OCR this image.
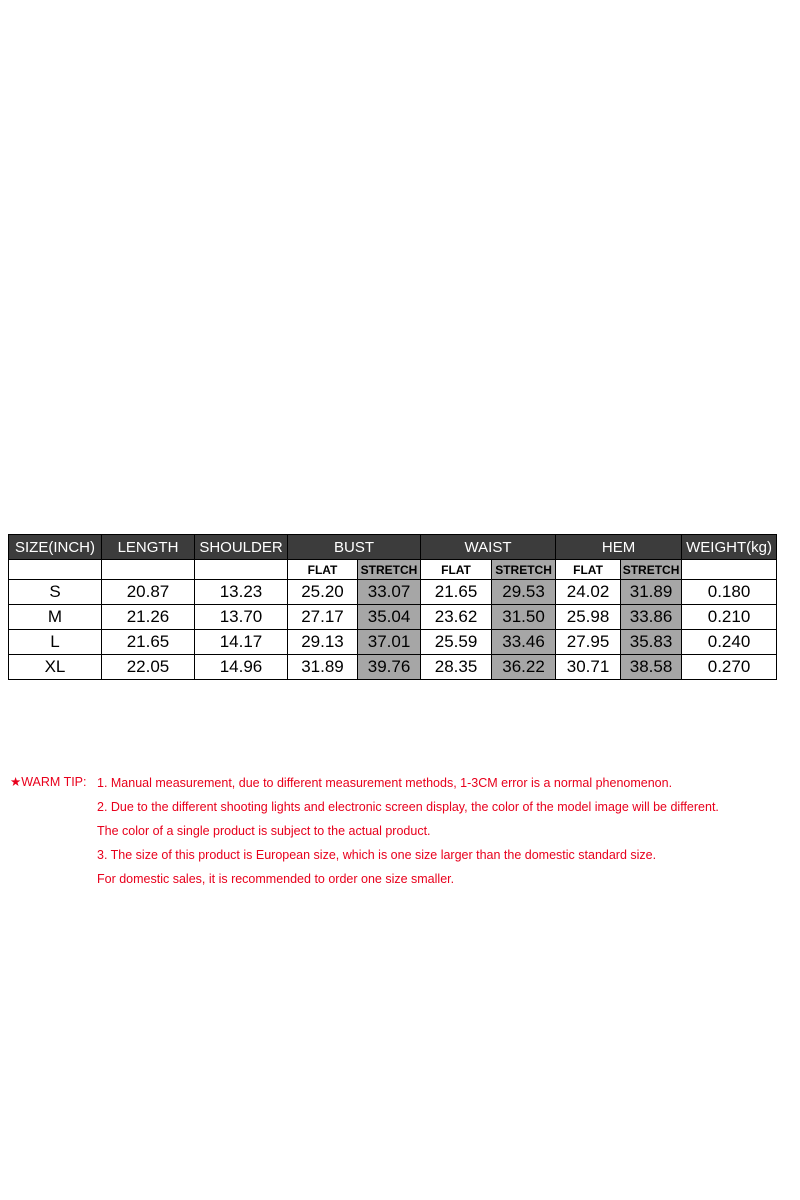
SIZE(INCH)	LENGTH	SHOULDER	BUST		WAIST		HEM		WEIGHT(kg)
			FLAT	STRETCH	FLAT	STRETCH	FLAT	STRETCH	
S	20.87	13.23	25.20	33.07	21.65	29.53	24.02	31.89	0.180
M	21.26	13.70	27.17	35.04	23.62	31.50	25.98	33.86	0.210
L	21.65	14.17	29.13	37.01	25.59	33.46	27.95	35.83	0.240
XL	22.05	14.96	31.89	39.76	28.35	36.22	30.71	38.58	0.270
★WARM TIP: 1. Manual measurement, due to different measurement methods, 1-3CM error is a normal phenomenon.
2. Due to the different shooting lights and electronic screen display, the color of the model image will be different.
The color of a single product is subject to the actual product.
3. The size of this product is European size, which is one size larger than the domestic standard size.
For domestic sales, it is recommended to order one size smaller.
